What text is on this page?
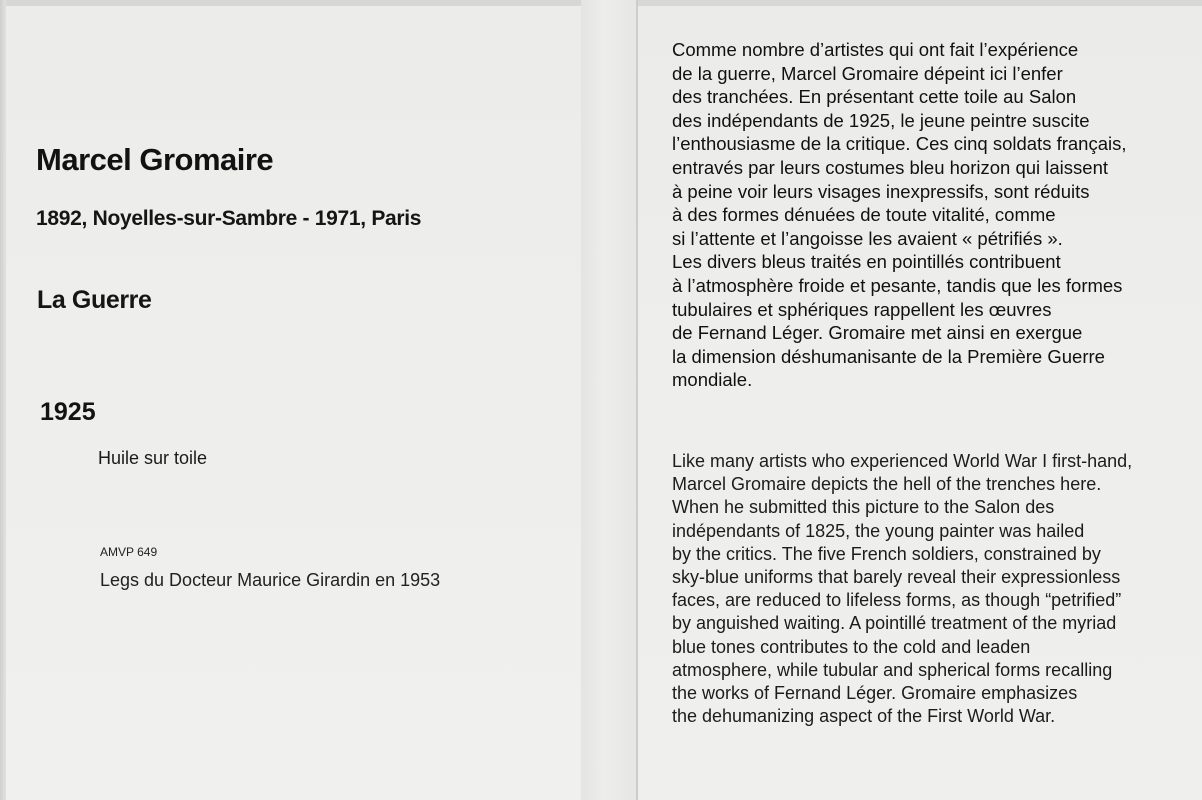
Marcel Gromaire
1892, Noyelles-sur-Sambre - 1971, Paris
La Guerre
1925
Huile sur toile
AMVP 649
Legs du Docteur Maurice Girardin en 1953
Comme nombre d’artistes qui ont fait l’expérience
de la guerre, Marcel Gromaire dépeint ici l’enfer
des tranchées. En présentant cette toile au Salon
des indépendants de 1925, le jeune peintre suscite
l’enthousiasme de la critique. Ces cinq soldats français,
entravés par leurs costumes bleu horizon qui laissent
à peine voir leurs visages inexpressifs, sont réduits
à des formes dénuées de toute vitalité, comme
si l’attente et l’angoisse les avaient « pétrifiés ».
Les divers bleus traités en pointillés contribuent
à l’atmosphère froide et pesante, tandis que les formes
tubulaires et sphériques rappellent les œuvres
de Fernand Léger. Gromaire met ainsi en exergue
la dimension déshumanisante de la Première Guerre
mondiale.
Like many artists who experienced World War I first-hand,
Marcel Gromaire depicts the hell of the trenches here.
When he submitted this picture to the Salon des
indépendants of 1825, the young painter was hailed
by the critics. The five French soldiers, constrained by
sky-blue uniforms that barely reveal their expressionless
faces, are reduced to lifeless forms, as though “petrified”
by anguished waiting. A pointillé treatment of the myriad
blue tones contributes to the cold and leaden
atmosphere, while tubular and spherical forms recalling
the works of Fernand Léger. Gromaire emphasizes
the dehumanizing aspect of the First World War.
